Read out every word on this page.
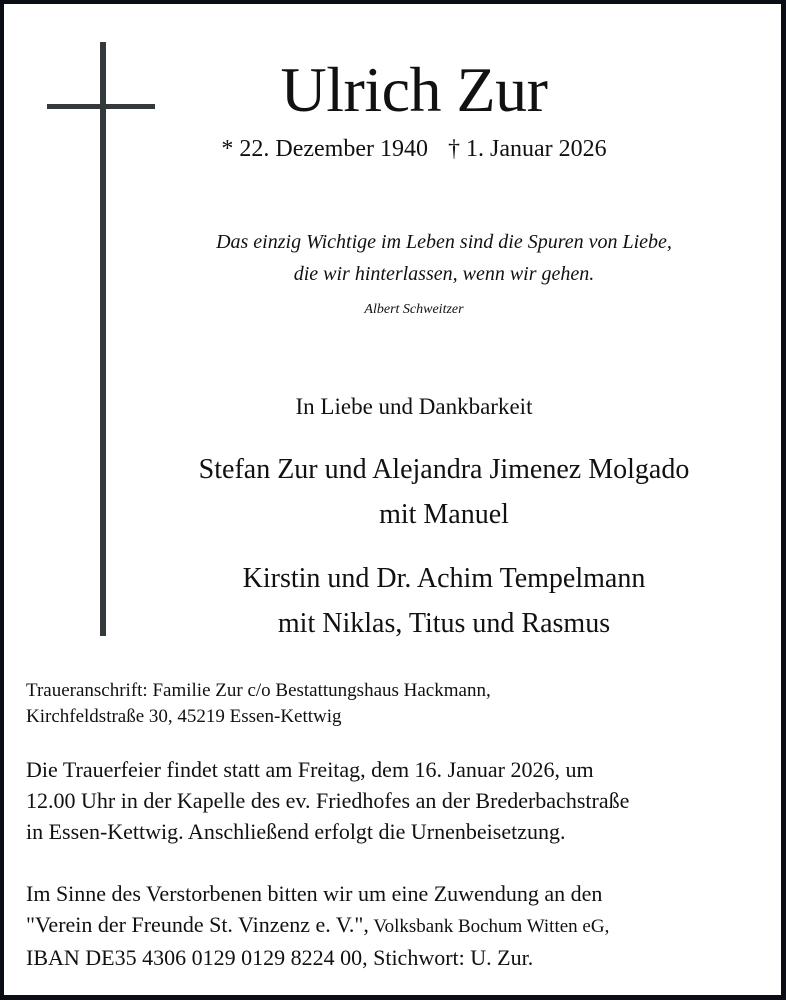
Ulrich Zur
* 22. Dezember 1940 † 1. Januar 2026
Das einzig Wichtige im Leben sind die Spuren von Liebe,
die wir hinterlassen, wenn wir gehen.
Albert Schweitzer
In Liebe und Dankbarkeit
Stefan Zur und Alejandra Jimenez Molgado
mit Manuel
Kirstin und Dr. Achim Tempelmann
mit Niklas, Titus und Rasmus
Traueranschrift: Familie Zur c/o Bestattungshaus Hackmann,
Kirchfeldstraße 30, 45219 Essen-Kettwig
Die Trauerfeier findet statt am Freitag, dem 16. Januar 2026, um
12.00 Uhr in der Kapelle des ev. Friedhofes an der Brederbachstraße
in Essen-Kettwig. Anschließend erfolgt die Urnenbeisetzung.
Im Sinne des Verstorbenen bitten wir um eine Zuwendung an den
"Verein der Freunde St. Vinzenz e. V.", Volksbank Bochum Witten eG,
IBAN DE35 4306 0129 0129 8224 00, Stichwort: U. Zur.
